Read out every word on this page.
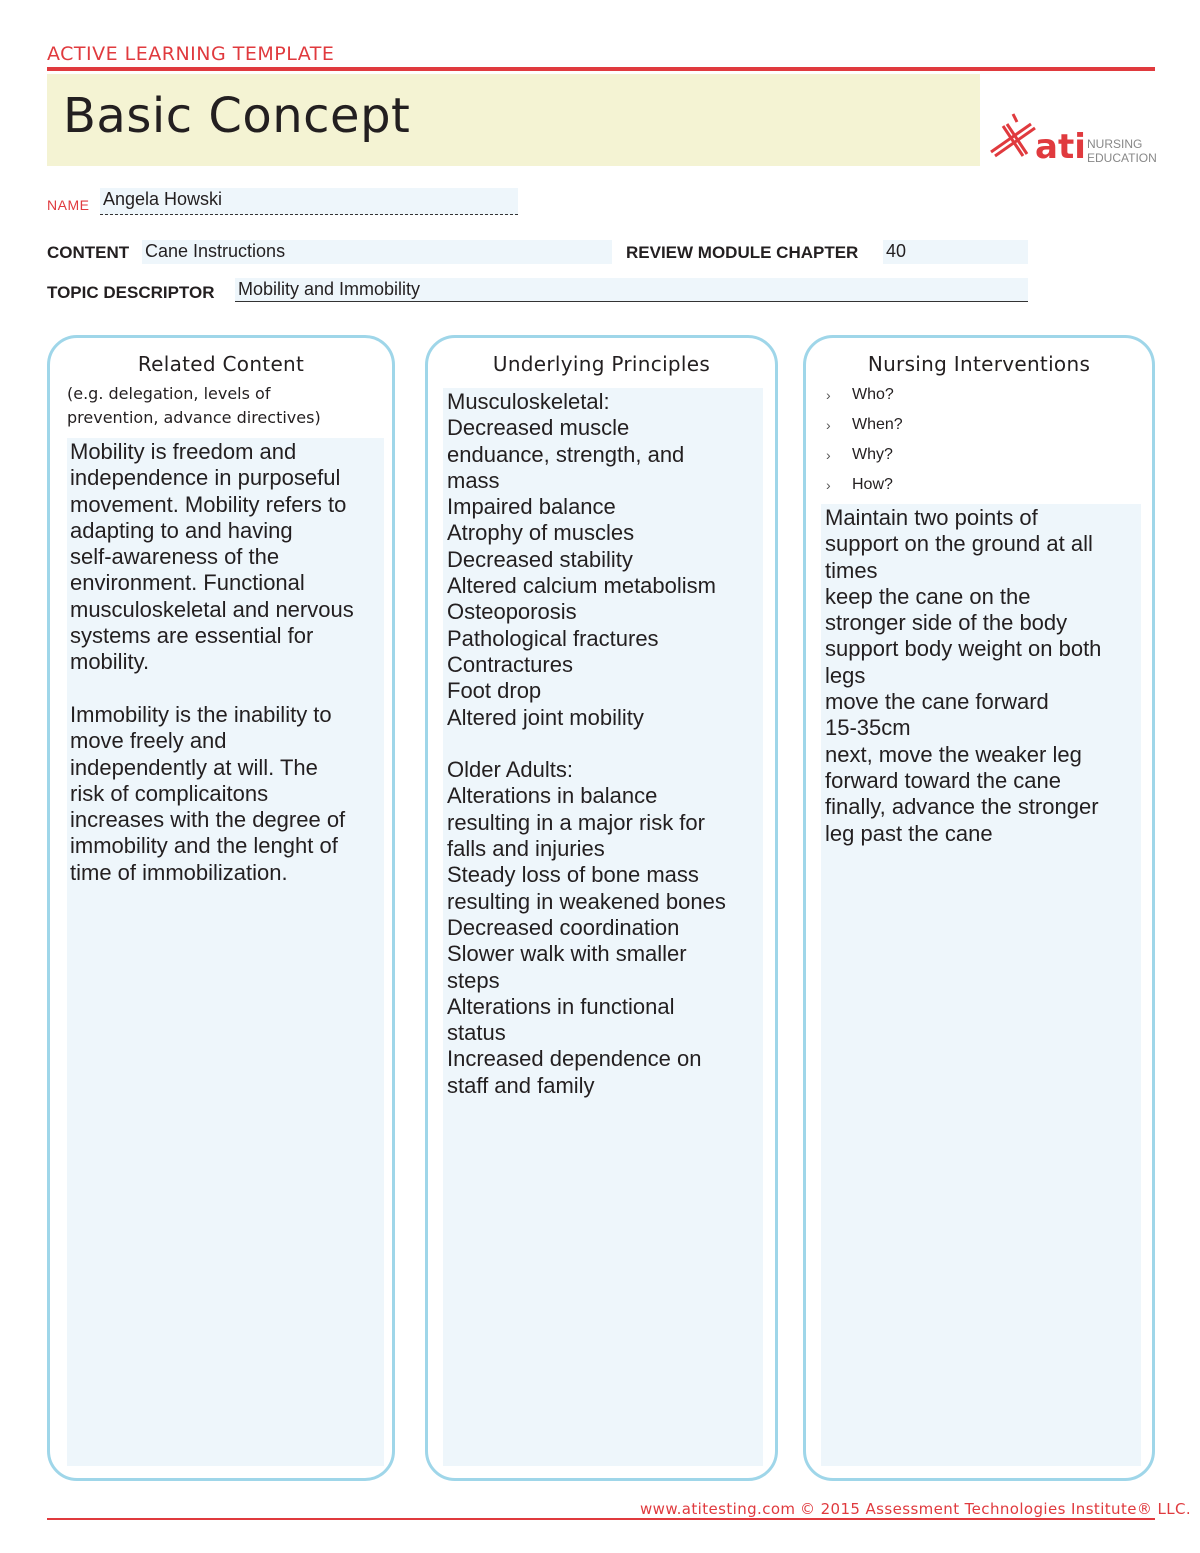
ACTIVE LEARNING TEMPLATE
Basic Concept
ati NURSING
EDUCATION
NAME Angela Howski
CONTENT Cane Instructions	REVIEW MODULE CHAPTER 40
TOPIC DESCRIPTOR Mobility and Immobility
Related Content
(e.g. delegation, levels of
prevention, advance directives)
Mobility is freedom and
independence in purposeful
movement. Mobility refers to
adapting to and having
self-awareness of the
environment. Functional
musculoskeletal and nervous
systems are essential for
mobility.

Immobility is the inability to
move freely and
independently at will. The
risk of complicaitons
increases with the degree of
immobility and the lenght of
time of immobilization.
Underlying Principles
Musculoskeletal:
Decreased muscle
enduance, strength, and
mass
Impaired balance
Atrophy of muscles
Decreased stability
Altered calcium metabolism
Osteoporosis
Pathological fractures
Contractures
Foot drop
Altered joint mobility

Older Adults:
Alterations in balance
resulting in a major risk for
falls and injuries
Steady loss of bone mass
resulting in weakened bones
Decreased coordination
Slower walk with smaller
steps
Alterations in functional
status
Increased dependence on
staff and family
Nursing Interventions
›	Who?
›	When?
›	Why?
›	How?
Maintain two points of
support on the ground at all
times
keep the cane on the
stronger side of the body
support body weight on both
legs
move the cane forward
15-35cm
next, move the weaker leg
forward toward the cane
finally, advance the stronger
leg past the cane
www.atitesting.com © 2015 Assessment Technologies Institute® LLC.
